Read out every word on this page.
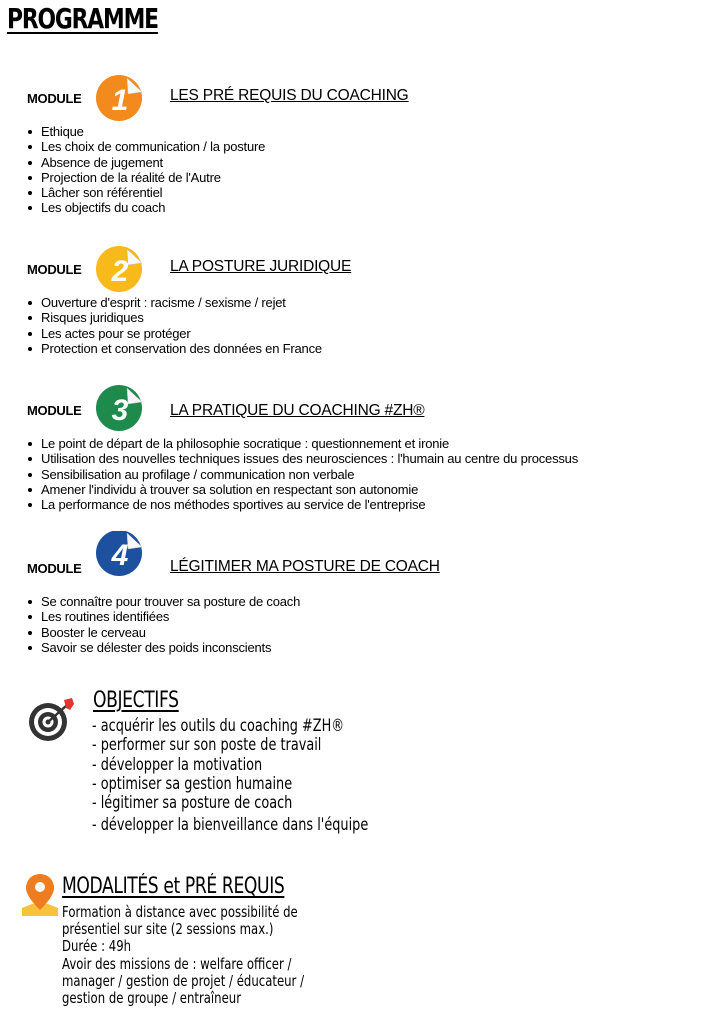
PROGRAMME
MODULE 1	LES PRÉ REQUIS DU COACHING
Ethique
Les choix de communication / la posture
Absence de jugement
Projection de la réalité de l'Autre
Lâcher son référentiel
Les objectifs du coach
MODULE 2	LA POSTURE JURIDIQUE
Ouverture d'esprit : racisme / sexisme / rejet
Risques juridiques
Les actes pour se protéger
Protection et conservation des données en France
MODULE 3	LA PRATIQUE DU COACHING #ZH®
Le point de départ de la philosophie socratique : questionnement et ironie
Utilisation des nouvelles techniques issues des neurosciences : l'humain au centre du processus
Sensibilisation au profilage / communication non verbale
Amener l'individu à trouver sa solution en respectant son autonomie
La performance de nos méthodes sportives au service de l'entreprise
MODULE 4	LÉGITIMER MA POSTURE DE COACH
Se connaître pour trouver sa posture de coach
Les routines identifiées
Booster le cerveau
Savoir se délester des poids inconscients
OBJECTIFS
- acquérir les outils du coaching #ZH®
- performer sur son poste de travail
- développer la motivation
- optimiser sa gestion humaine
- légitimer sa posture de coach
- développer la bienveillance dans l'équipe
MODALITÉS et PRÉ REQUIS
Formation à distance avec possibilité de
présentiel sur site (2 sessions max.)
Durée : 49h
Avoir des missions de : welfare officer /
manager / gestion de projet / éducateur /
gestion de groupe / entraîneur
